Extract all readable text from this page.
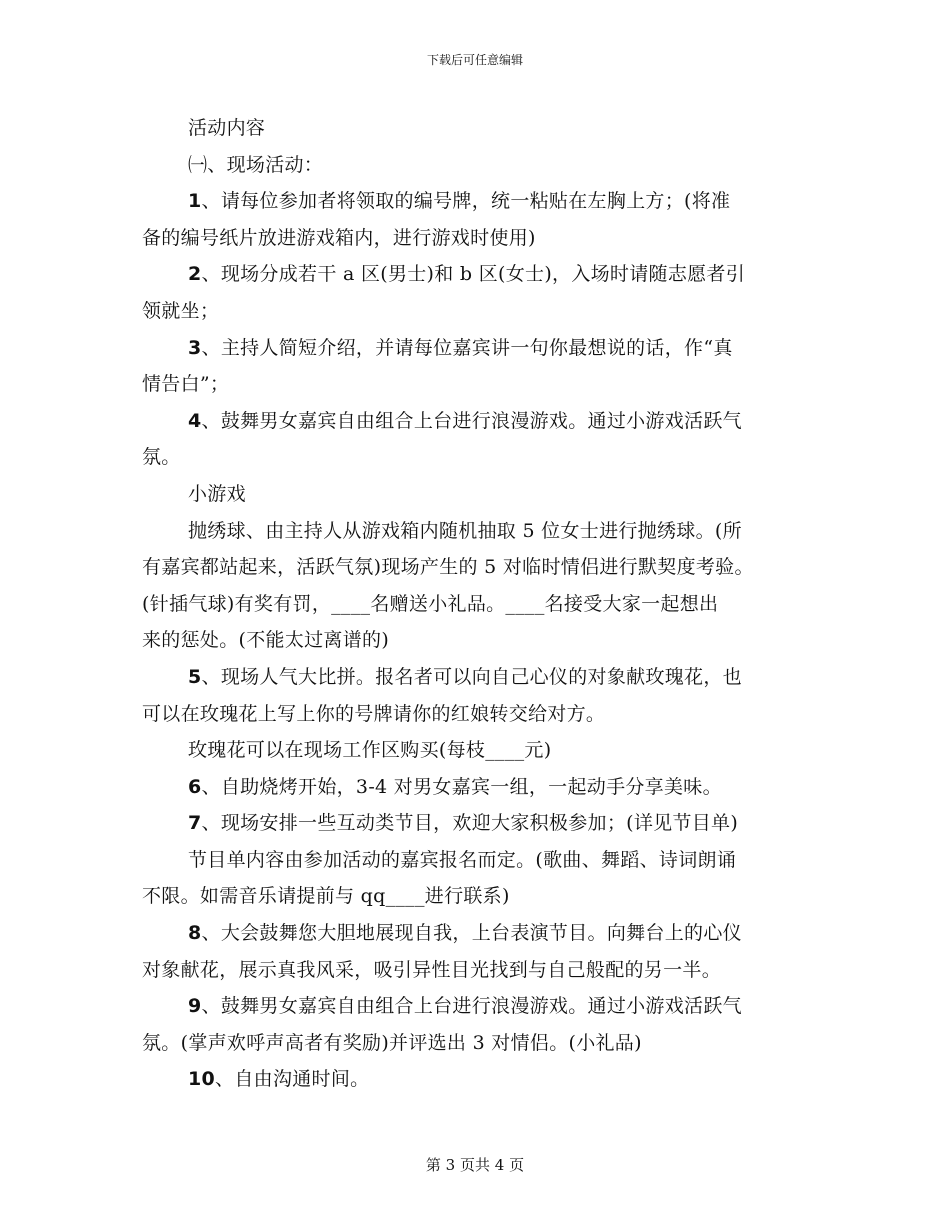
下载后可任意编辑
活动内容
㈠、现场活动：
1、请每位参加者将领取的编号牌，统一粘贴在左胸上方；(将准
备的编号纸片放进游戏箱内，进行游戏时使用)
2、现场分成若干 a 区(男士)和 b 区(女士)，入场时请随志愿者引
领就坐；
3、主持人简短介绍，并请每位嘉宾讲一句你最想说的话，作“真
情告白”；
4、鼓舞男女嘉宾自由组合上台进行浪漫游戏。通过小游戏活跃气
氛。
小游戏
抛绣球、由主持人从游戏箱内随机抽取 5 位女士进行抛绣球。(所
有嘉宾都站起来，活跃气氛)现场产生的 5 对临时情侣进行默契度考验。
(针插气球)有奖有罚，____名赠送小礼品。____名接受大家一起想出
来的惩处。(不能太过离谱的)
5、现场人气大比拼。报名者可以向自己心仪的对象献玫瑰花，也
可以在玫瑰花上写上你的号牌请你的红娘转交给对方。
玫瑰花可以在现场工作区购买(每枝____元)
6、自助烧烤开始，3-4 对男女嘉宾一组，一起动手分享美味。
7、现场安排一些互动类节目，欢迎大家积极参加；(详见节目单)
节目单内容由参加活动的嘉宾报名而定。(歌曲、舞蹈、诗词朗诵
不限。如需音乐请提前与 qq____进行联系)
8、大会鼓舞您大胆地展现自我，上台表演节目。向舞台上的心仪
对象献花，展示真我风采，吸引异性目光找到与自己般配的另一半。
9、鼓舞男女嘉宾自由组合上台进行浪漫游戏。通过小游戏活跃气
氛。(掌声欢呼声高者有奖励)并评选出 3 对情侣。(小礼品)
10、自由沟通时间。
第 3 页共 4 页
